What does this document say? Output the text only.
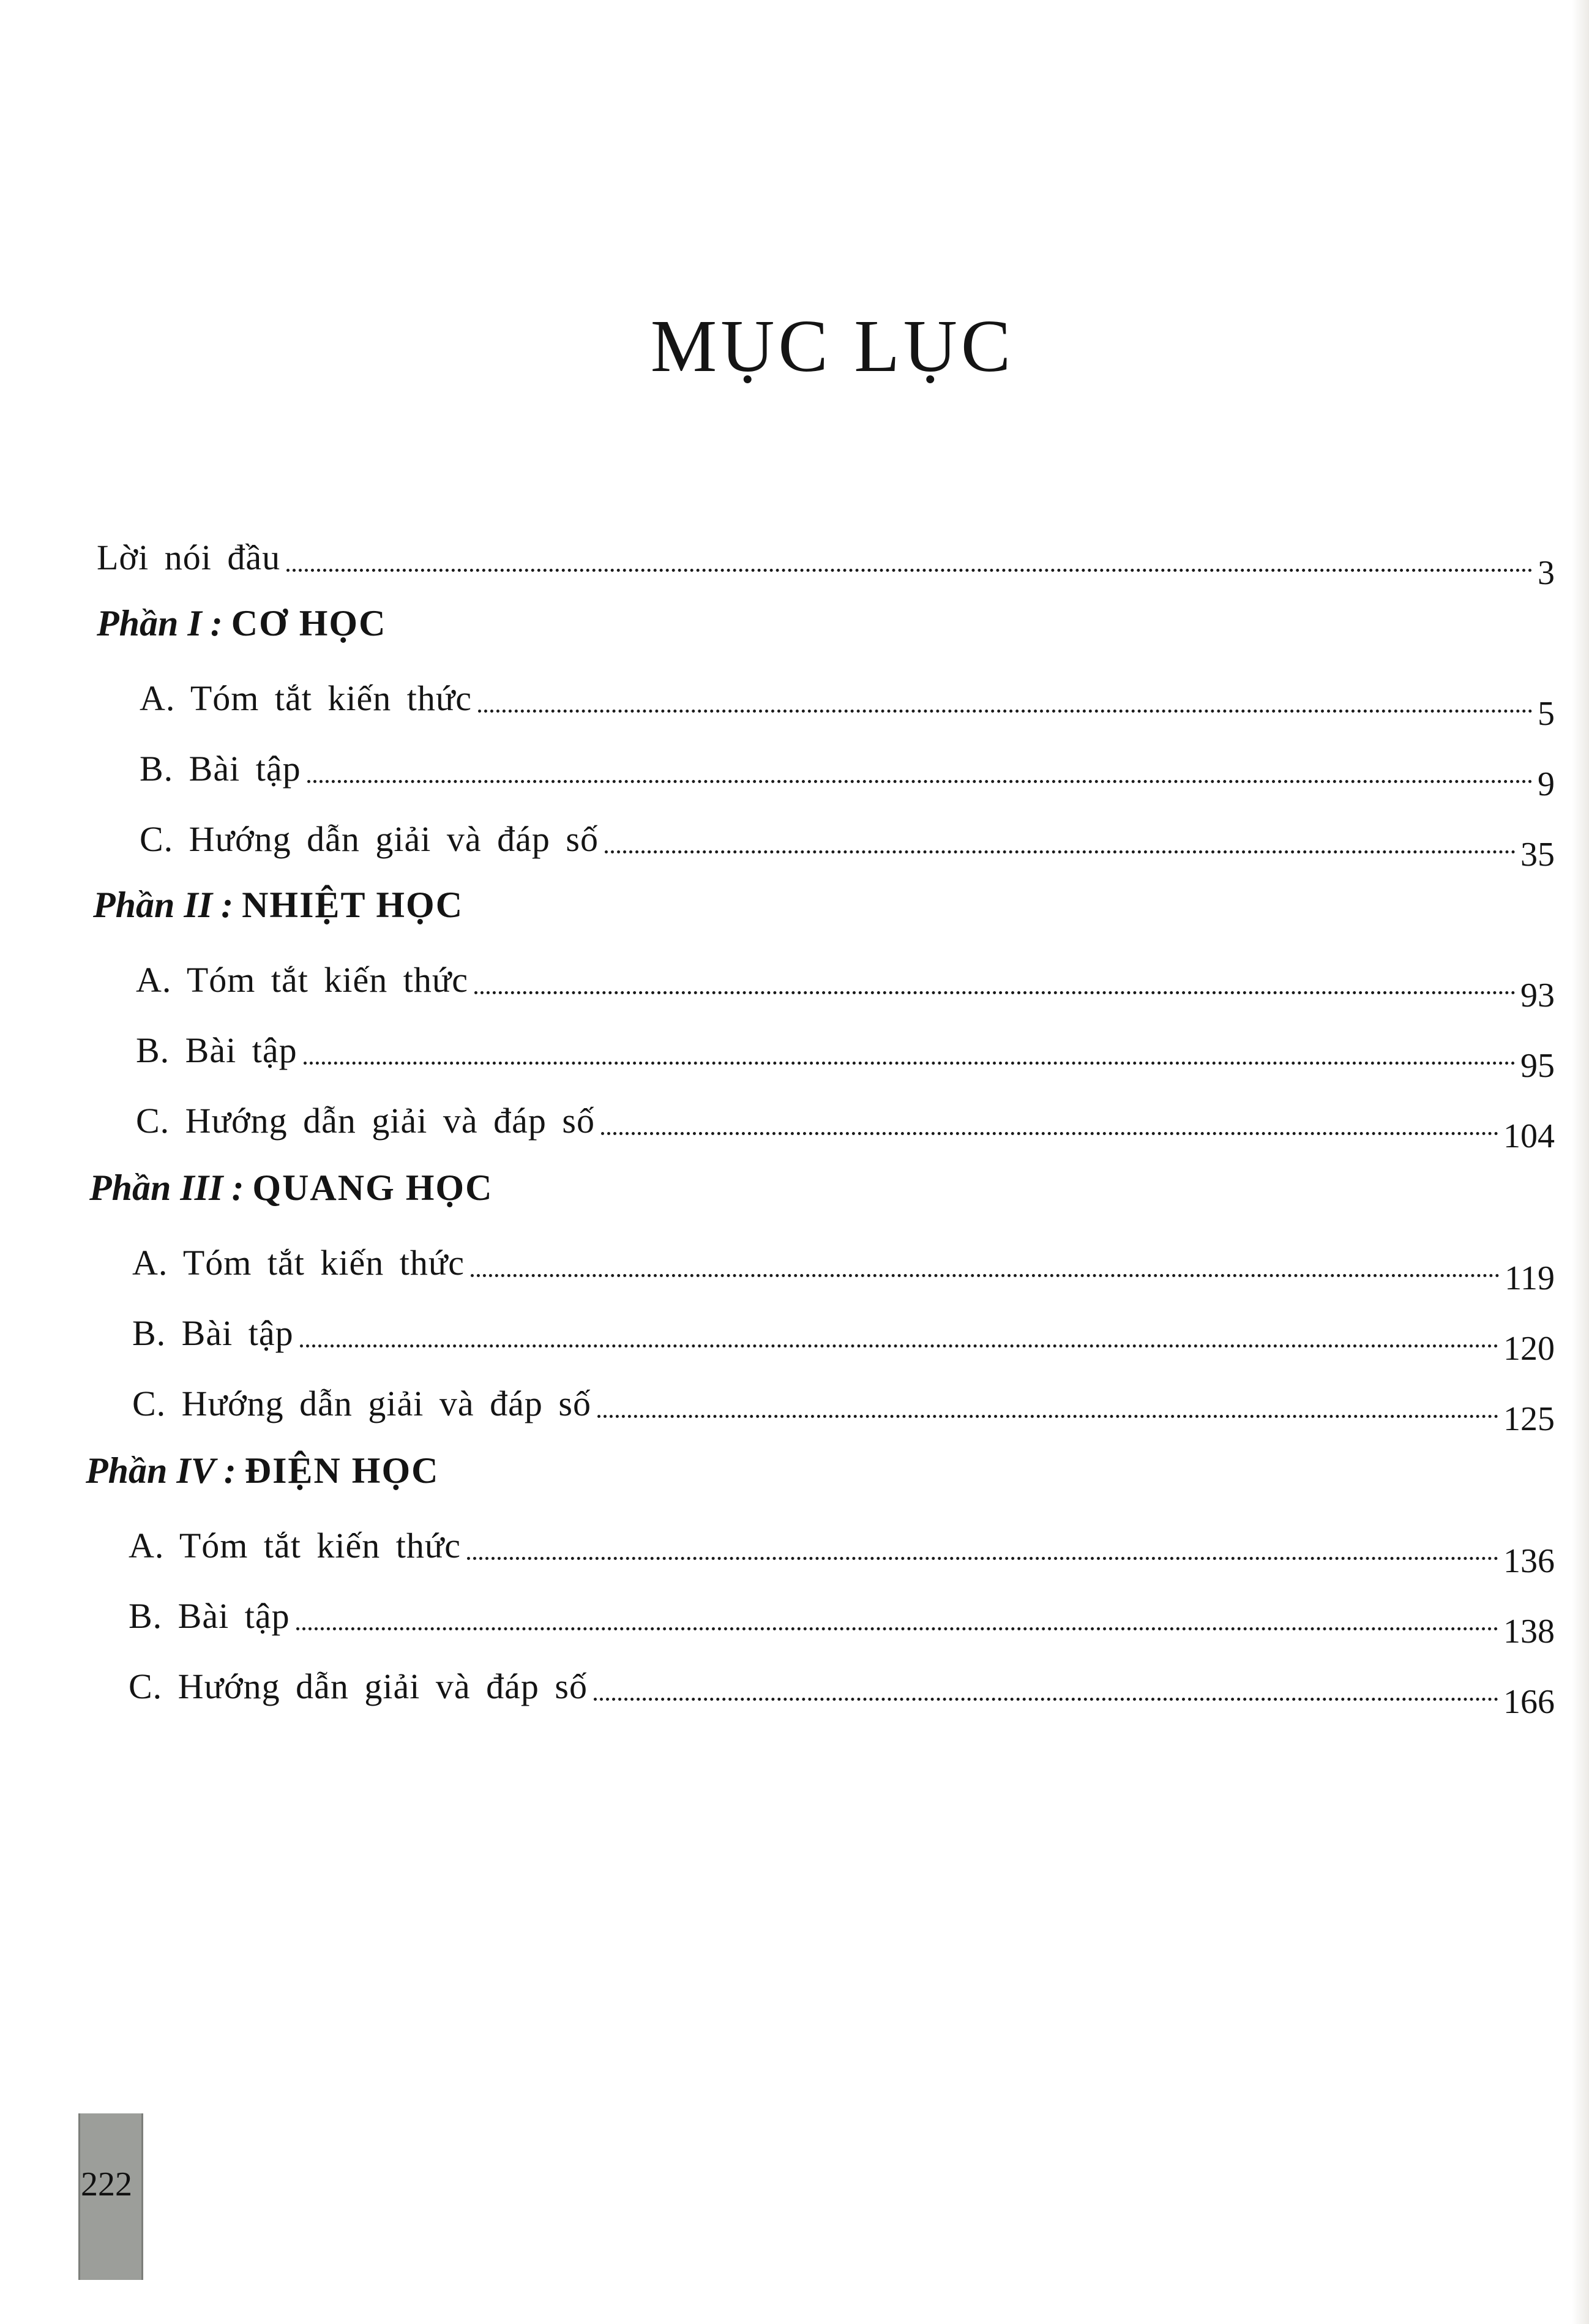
MỤC LỤC
Lời nói đầu	3
Phần I : CƠ HỌC
A. Tóm tắt kiến thức	5
B. Bài tập	9
C. Hướng dẫn giải và đáp số	35
Phần II : NHIỆT HỌC
A. Tóm tắt kiến thức	93
B. Bài tập	95
C. Hướng dẫn giải và đáp số	104
Phần III : QUANG HỌC
A. Tóm tắt kiến thức	119
B. Bài tập	120
C. Hướng dẫn giải và đáp số	125
Phần IV : ĐIỆN HỌC
A. Tóm tắt kiến thức	136
B. Bài tập	138
C. Hướng dẫn giải và đáp số	166
222
